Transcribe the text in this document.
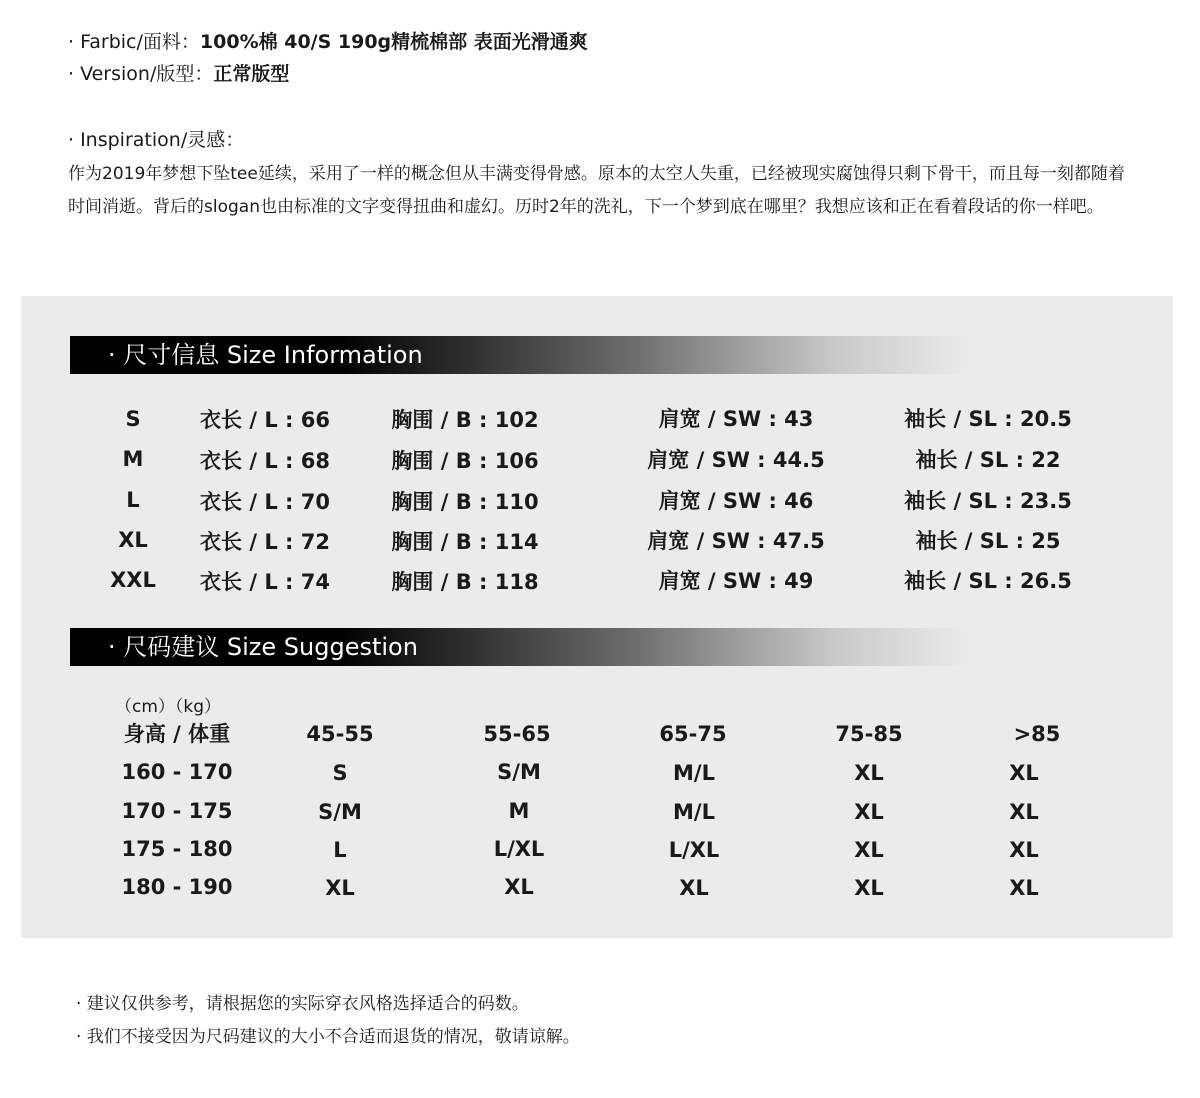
· Farbic/面料：100%棉 40/S 190g精梳棉部 表面光滑通爽
· Version/版型：正常版型
· Inspiration/灵感：

作为2019年梦想下坠tee延续，采用了一样的概念但从丰满变得骨感。原本的太空人失重，已经被现实腐蚀得只剩下骨干，而且每一刻都随着时间消逝。背后的slogan也由标准的文字变得扭曲和虚幻。历时2年的洗礼，下一个梦到底在哪里？我想应该和正在看着段话的你一样吧。

· 尺寸信息 Size Information
S	衣长 / L : 66	胸围 / B : 102	肩宽 / SW : 43	袖长 / SL : 20.5
M	衣长 / L : 68	胸围 / B : 106	肩宽 / SW : 44.5	袖长 / SL : 22
L	衣长 / L : 70	胸围 / B : 110	肩宽 / SW : 46	袖长 / SL : 23.5
XL 衣长 / L : 72	胸围 / B : 114	肩宽 / SW : 47.5	袖长 / SL : 25
XXL 衣长 / L : 74	胸围 / B : 118	肩宽 / SW : 49	袖长 / SL : 26.5
· 尺码建议 Size Suggestion
（cm）（kg）
身高 / 体重	45-55	55-65	65-75	75-85	>85
160 - 170	S	S/M	M/L	XL	XL
170 - 175	S/M	M	M/L	XL	XL
175 - 180	L	L/XL	L/XL	XL	XL
180 - 190	XL	XL	XL	XL	XL
· 建议仅供参考，请根据您的实际穿衣风格选择适合的码数。
· 我们不接受因为尺码建议的大小不合适而退货的情况，敬请谅解。
